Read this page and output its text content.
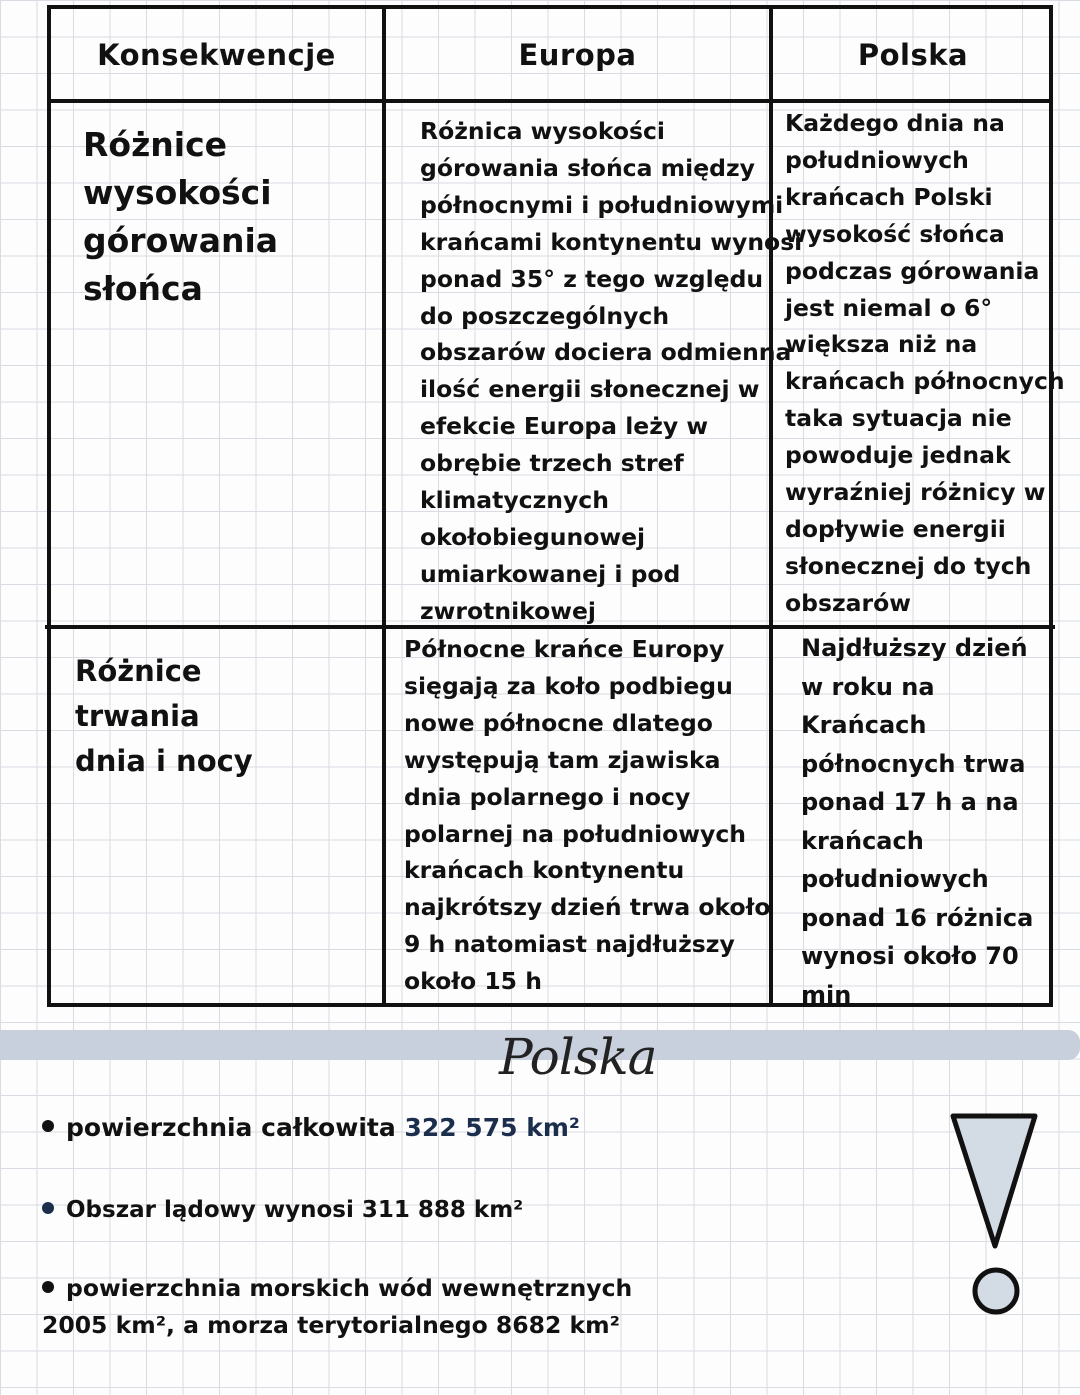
Konsekwencje	Europa	Polska
Różnice
wysokości
górowania
słońca
Różnica wysokości
górowania słońca między
północnymi i południowymi
krańcami kontynentu wynosi
ponad 35° z tego względu
do poszczególnych
obszarów dociera odmienna
ilość energii słonecznej w
efekcie Europa leży w
obrębie trzech stref
klimatycznych
okołobiegunowej
umiarkowanej i pod
zwrotnikowej
Każdego dnia na
południowych
krańcach Polski
wysokość słońca
podczas górowania
jest niemal o 6°
większa niż na
krańcach północnych
taka sytuacja nie
powoduje jednak
wyraźniej różnicy w
dopływie energii
słonecznej do tych
obszarów
Różnice
trwania
dnia i nocy
Północne krańce Europy
sięgają za koło podbiegu
nowe północne dlatego
występują tam zjawiska
dnia polarnego i nocy
polarnej na południowych
krańcach kontynentu
najkrótszy dzień trwa około
9 h natomiast najdłuższy
około 15 h
Najdłuższy dzień
w roku na
Krańcach
północnych trwa
ponad 17 h a na
krańcach
południowych
ponad 16 różnica
wynosi około 70
min
Polska
powierzchnia całkowita 322 575 km²
Obszar lądowy wynosi 311 888 km²
powierzchnia morskich wód wewnętrznych
2005 km², a morza terytorialnego 8682 km²
